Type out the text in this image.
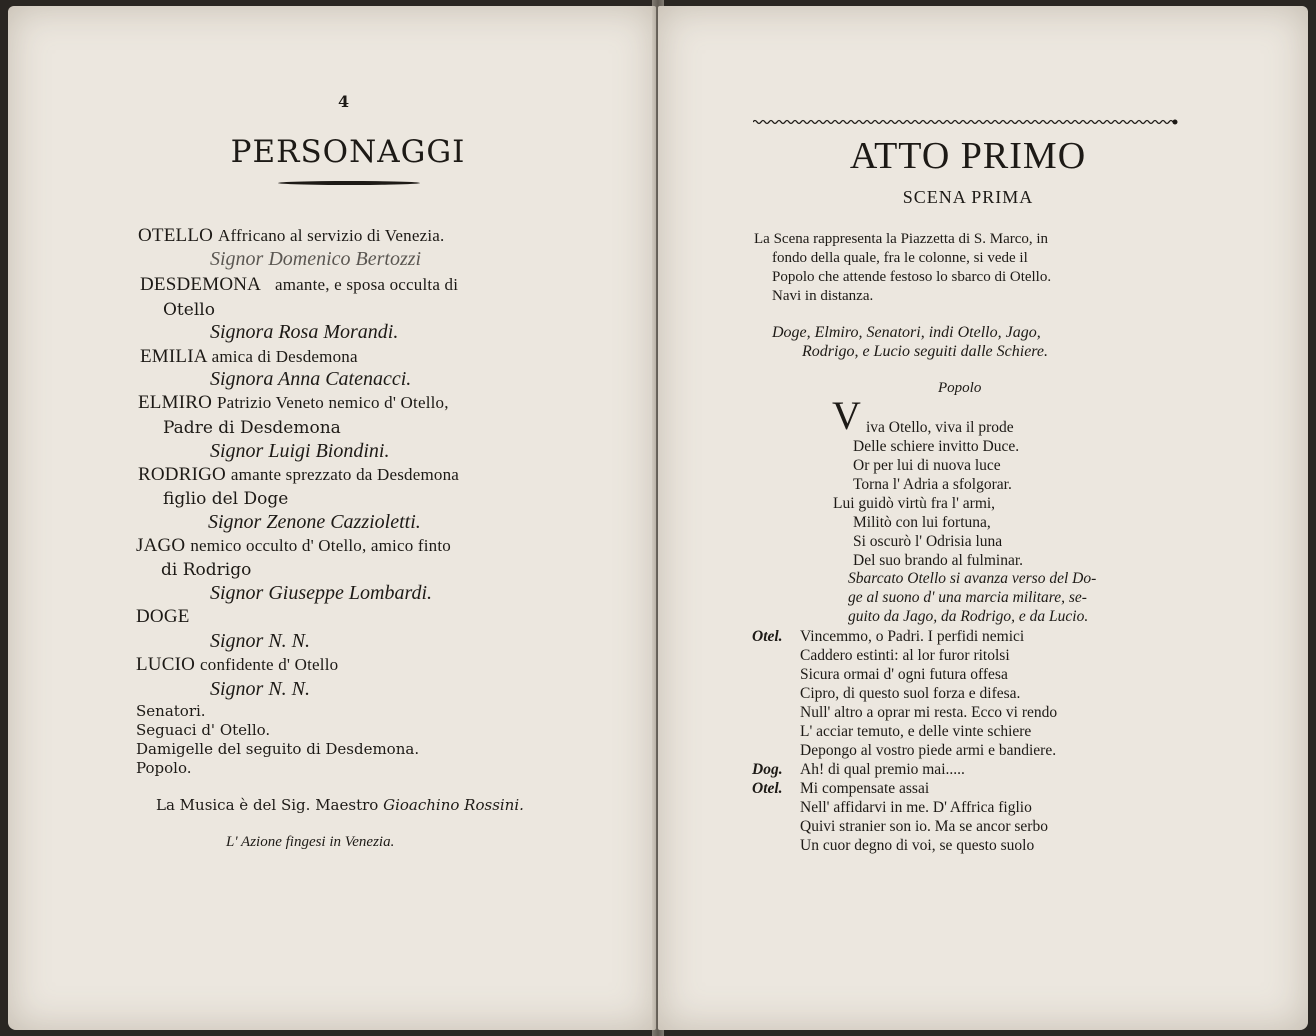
4
PERSONAGGI
OTELLO Affricano al servizio di Venezia.
Signor Domenico Bertozzi
DESDEMONA amante, e sposa occulta di
Otello
Signora Rosa Morandi.
EMILIA amica di Desdemona
Signora Anna Catenacci.
ELMIRO Patrizio Veneto nemico d' Otello,
Padre di Desdemona
Signor Luigi Biondini.
RODRIGO amante sprezzato da Desdemona
figlio del Doge
Signor Zenone Cazzioletti.
JAGO nemico occulto d' Otello, amico finto
di Rodrigo
Signor Giuseppe Lombardi.
DOGE
Signor N. N.
LUCIO confidente d' Otello
Signor N. N.
Senatori.
Seguaci d' Otello.
Damigelle del seguito di Desdemona.
Popolo.
La Musica è del Sig. Maestro Gioachino Rossini.
L' Azione fingesi in Venezia.
ATTO PRIMO
SCENA PRIMA
La Scena rappresenta la Piazzetta di S. Marco, in
fondo della quale, fra le colonne, si vede il
Popolo che attende festoso lo sbarco di Otello.
Navi in distanza.
Doge, Elmiro, Senatori, indi Otello, Jago,
Rodrigo, e Lucio seguiti dalle Schiere.
Popolo
V iva Otello, viva il prode
Delle schiere invitto Duce.
Or per lui di nuova luce
Torna l' Adria a sfolgorar.
Lui guidò virtù fra l' armi,
Militò con lui fortuna,
Si oscurò l' Odrisia luna
Del suo brando al fulminar.
Sbarcato Otello si avanza verso del Do-
ge al suono d' una marcia militare, se-
guito da Jago, da Rodrigo, e da Lucio.
Otel. Vincemmo, o Padri. I perfidi nemici
Caddero estinti: al lor furor ritolsi
Sicura ormai d' ogni futura offesa
Cipro, di questo suol forza e difesa.
Null' altro a oprar mi resta. Ecco vi rendo
L' acciar temuto, e delle vinte schiere
Depongo al vostro piede armi e bandiere.
Dog. Ah! di qual premio mai.....
Otel. Mi compensate assai
Nell' affidarvi in me. D' Affrica figlio
Quivi stranier son io. Ma se ancor serbo
Un cuor degno di voi, se questo suolo
